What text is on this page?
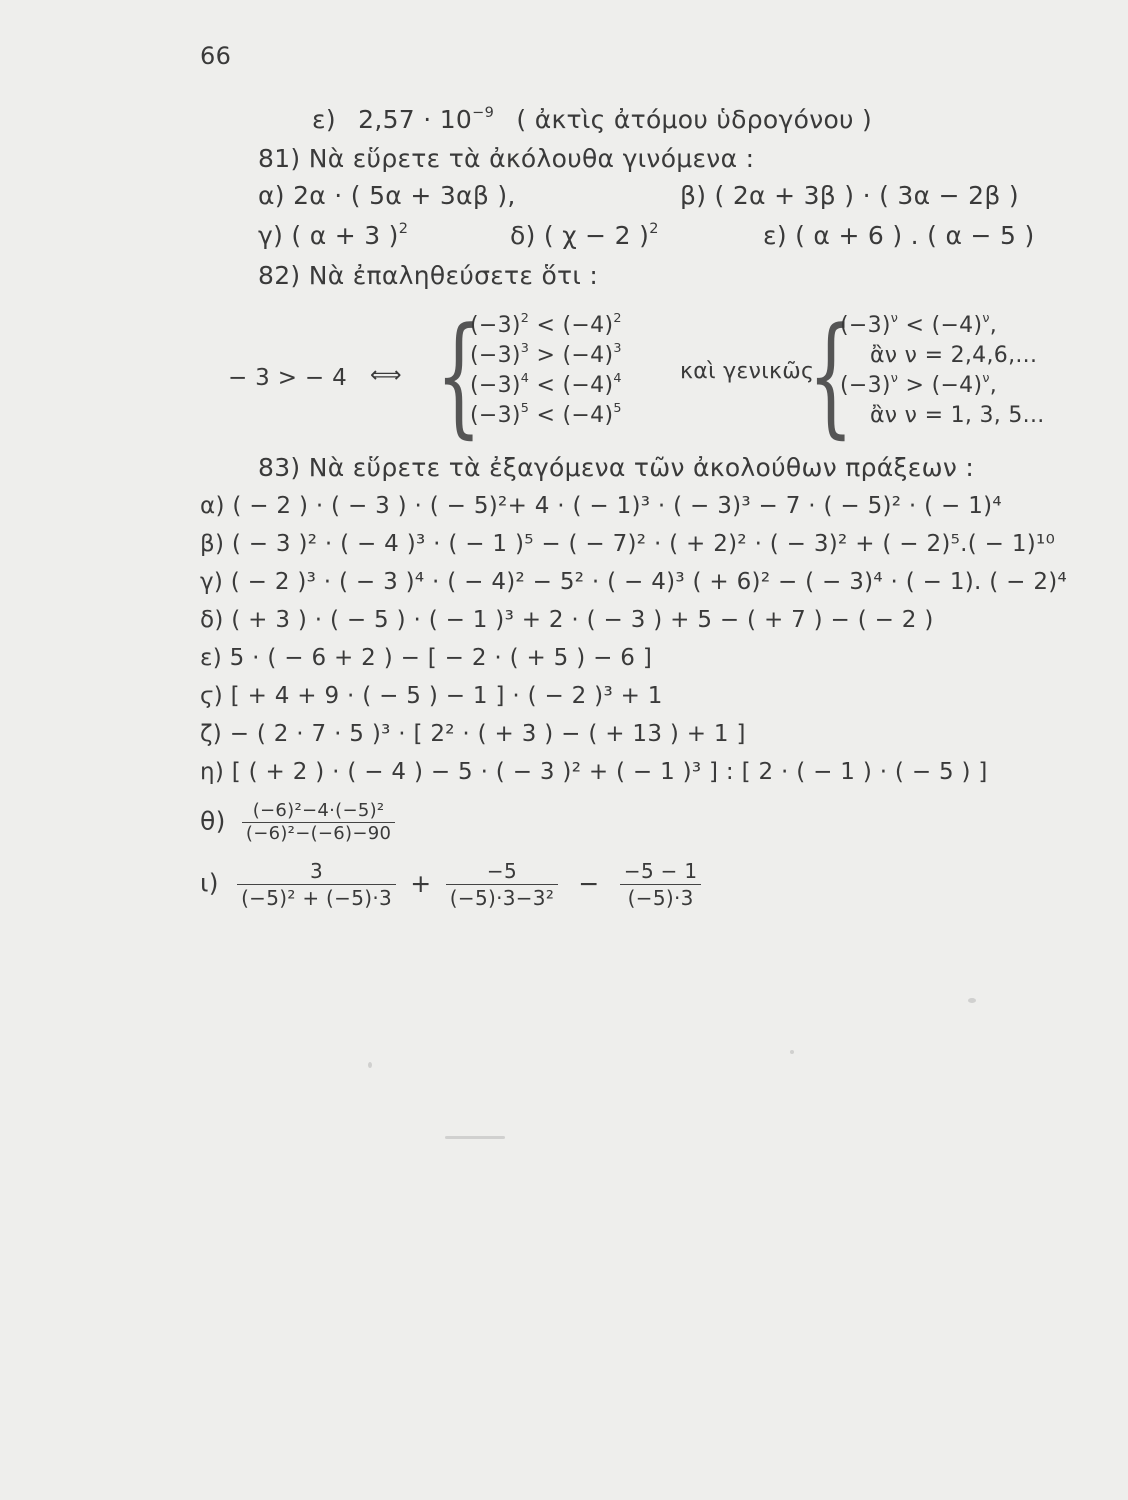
66
ε) $2,57 \cdot 10^{-9}$ ( ἀκτὶς ἀτόμου ὑδρογόνου )
81) Νὰ εὕρετε τὰ ἀκόλουθα γινόμενα :
α) 2α · ( 5α + 3αβ ),	β) ( 2α + 3β ) · ( 3α − 2β )
γ) ( α + 3 )$^2$	δ) ( χ − 2 )$^2$	ε) ( α + 6 ) . ( α − 5 )
82) Νὰ ἐπαληθεύσετε ὅτι :
− 3 > − 4 ⟺ {
$(-3)^2 < (-4)^2$
$(-3)^3 > (-4)^3$
$(-3)^4 < (-4)^4$
$(-3)^5 < (-4)^5$
καὶ γενικῶς
{
$(-3)^\nu < (-4)^\nu$,
ἂν ν = 2,4,6,...
$(-3)^\nu > (-4)^\nu$,
ἂν ν = 1, 3, 5...
83) Νὰ εὕρετε τὰ ἐξαγόμενα τῶν ἀκολούθων πράξεων :
α) ( − 2 ) · ( − 3 ) · ( − 5)²+ 4 · ( − 1)³ · ( − 3)³ − 7 · ( − 5)² · ( − 1)⁴
β) ( − 3 )² · ( − 4 )³ · ( − 1 )⁵ − ( − 7)² · ( + 2)² · ( − 3)² + ( − 2)⁵.( − 1)¹⁰
γ) ( − 2 )³ · ( − 3 )⁴ · ( − 4)² − 5² · ( − 4)³ ( + 6)² − ( − 3)⁴ · ( − 1). ( − 2)⁴
δ) ( + 3 ) · ( − 5 ) · ( − 1 )³ + 2 · ( − 3 ) + 5 − ( + 7 ) − ( − 2 )
ε) 5 · ( − 6 + 2 ) − [ − 2 · ( + 5 ) − 6 ]
ϛ) [ + 4 + 9 · ( − 5 ) − 1 ] · ( − 2 )³ + 1
ζ) − ( 2 · 7 · 5 )³ · [ 2² · ( + 3 ) − ( + 13 ) + 1 ]
η) [ ( + 2 ) · ( − 4 ) − 5 · ( − 3 )² + ( − 1 )³ ] : [ 2 · ( − 1 ) · ( − 5 ) ]
$\theta) \frac{\text{(−6)²−4·(−5)²}}{\text{(−6)²−(−6)−90}}$
$\iota) \frac{3}{\text{(−5)² + (−5)·3}} + \frac{-5}{\text{(−5)·3−3²}} - \frac{-5 - 1}{(-5)\cdot 3}$
